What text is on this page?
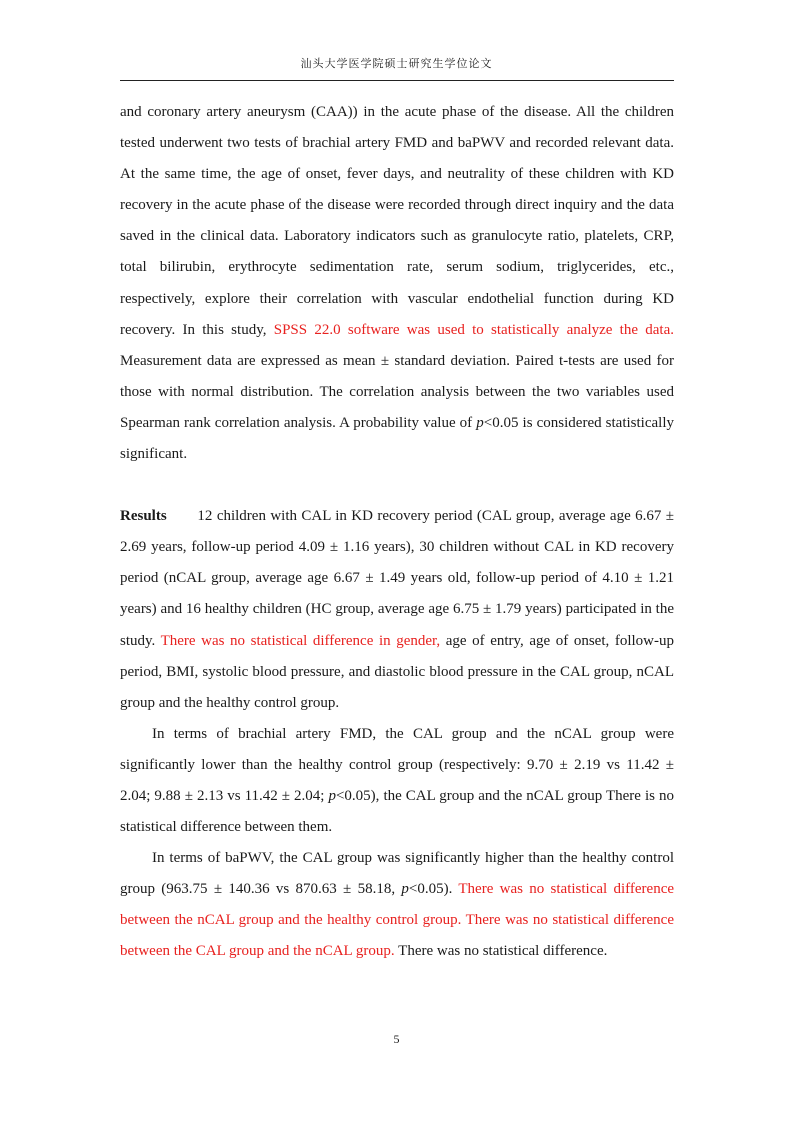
汕头大学医学院硕士研究生学位论文

and coronary artery aneurysm (CAA)) in the acute phase of the disease. All the children tested underwent two tests of brachial artery FMD and baPWV and recorded relevant data. At the same time, the age of onset, fever days, and neutrality of these children with KD recovery in the acute phase of the disease were recorded through direct inquiry and the data saved in the clinical data. Laboratory indicators such as granulocyte ratio, platelets, CRP, total bilirubin, erythrocyte sedimentation rate, serum sodium, triglycerides, etc., respectively, explore their correlation with vascular endothelial function during KD recovery. In this study, SPSS 22.0 software was used to statistically analyze the data. Measurement data are expressed as mean ± standard deviation. Paired t-tests are used for those with normal distribution. The correlation analysis between the two variables used Spearman rank correlation analysis. A probability value of p<0.05 is considered statistically significant.

Results 12 children with CAL in KD recovery period (CAL group, average age 6.67 ± 2.69 years, follow-up period 4.09 ± 1.16 years), 30 children without CAL in KD recovery period (nCAL group, average age 6.67 ± 1.49 years old, follow-up period of 4.10 ± 1.21 years) and 16 healthy children (HC group, average age 6.75 ± 1.79 years) participated in the study. There was no statistical difference in gender, age of entry, age of onset, follow-up period, BMI, systolic blood pressure, and diastolic blood pressure in the CAL group, nCAL group and the healthy control group.

In terms of brachial artery FMD, the CAL group and the nCAL group were significantly lower than the healthy control group (respectively: 9.70 ± 2.19 vs 11.42 ± 2.04; 9.88 ± 2.13 vs 11.42 ± 2.04; p<0.05), the CAL group and the nCAL group There is no statistical difference between them.

In terms of baPWV, the CAL group was significantly higher than the healthy control group (963.75 ± 140.36 vs 870.63 ± 58.18, p<0.05). There was no statistical difference between the nCAL group and the healthy control group. There was no statistical difference between the CAL group and the nCAL group. There was no statistical difference.

5
